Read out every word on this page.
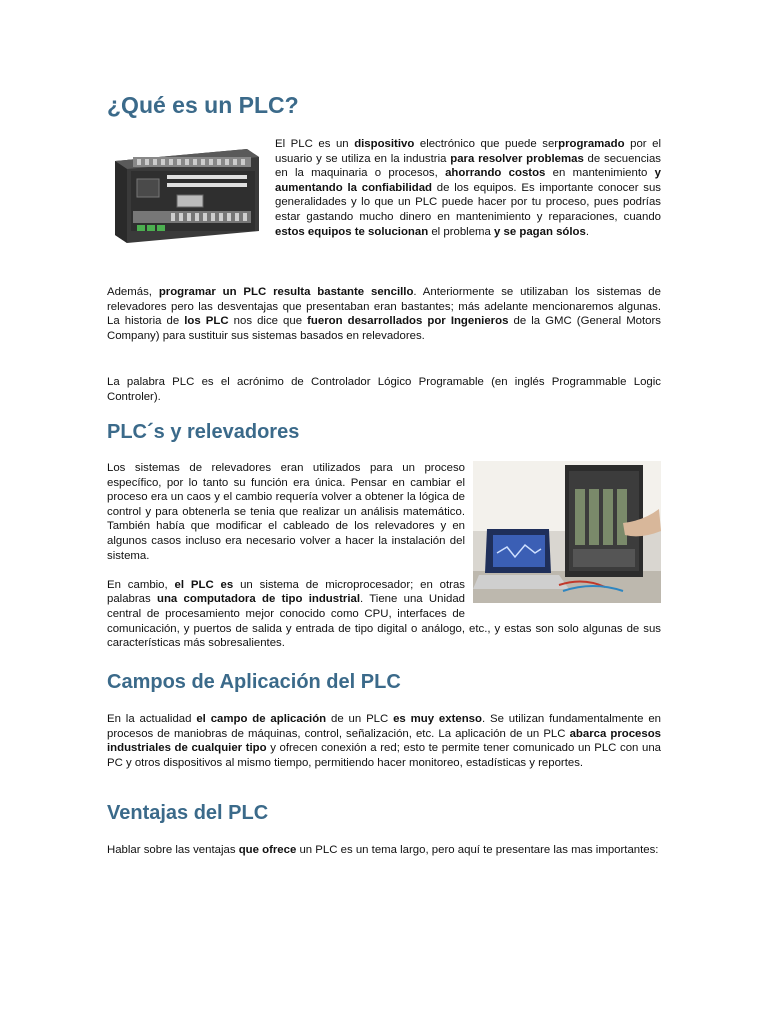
¿Qué es un PLC?
El PLC es un dispositivo electrónico que puede serprogramado por el usuario y se utiliza en la industria para resolver problemas de secuencias en la maquinaria o procesos, ahorrando costos en mantenimiento y aumentando la confiabilidad de los equipos. Es importante conocer sus generalidades y lo que un PLC puede hacer por tu proceso, pues podrías estar gastando mucho dinero en mantenimiento y reparaciones, cuando estos equipos te solucionan el problema y se pagan sólos.

Además, programar un PLC resulta bastante sencillo. Anteriormente se utilizaban los sistemas de relevadores pero las desventajas que presentaban eran bastantes; más adelante mencionaremos algunas. La historia de los PLC nos dice que fueron desarrollados por Ingenieros de la GMC (General Motors Company) para sustituir sus sistemas basados en relevadores.

La palabra PLC es el acrónimo de Controlador Lógico Programable (en inglés Programmable Logic Controler).

PLC´s y relevadores
Los sistemas de relevadores eran utilizados para un proceso específico, por lo tanto su función era única. Pensar en cambiar el proceso era un caos y el cambio requería volver a obtener la lógica de control y para obtenerla se tenia que realizar un análisis matemático. También había que modificar el cableado de los relevadores y en algunos casos incluso era necesario volver a hacer la instalación del sistema.
En cambio, el PLC es un sistema de microprocesador; en otras palabras una computadora de tipo industrial. Tiene una Unidad central de procesamiento mejor conocido como CPU, interfaces de comunicación, y puertos de salida y entrada de tipo digital o análogo, etc., y estas son solo algunas de sus características más sobresalientes.
Campos de Aplicación del PLC

En la actualidad el campo de aplicación de un PLC es muy extenso. Se utilizan fundamentalmente en procesos de maniobras de máquinas, control, señalización, etc. La aplicación de un PLC abarca procesos industriales de cualquier tipo y ofrecen conexión a red; esto te permite tener comunicado un PLC con una PC y otros dispositivos al mismo tiempo, permitiendo hacer monitoreo, estadísticas y reportes.

Ventajas del PLC

Hablar sobre las ventajas que ofrece un PLC es un tema largo, pero aquí te presentare las mas importantes:
